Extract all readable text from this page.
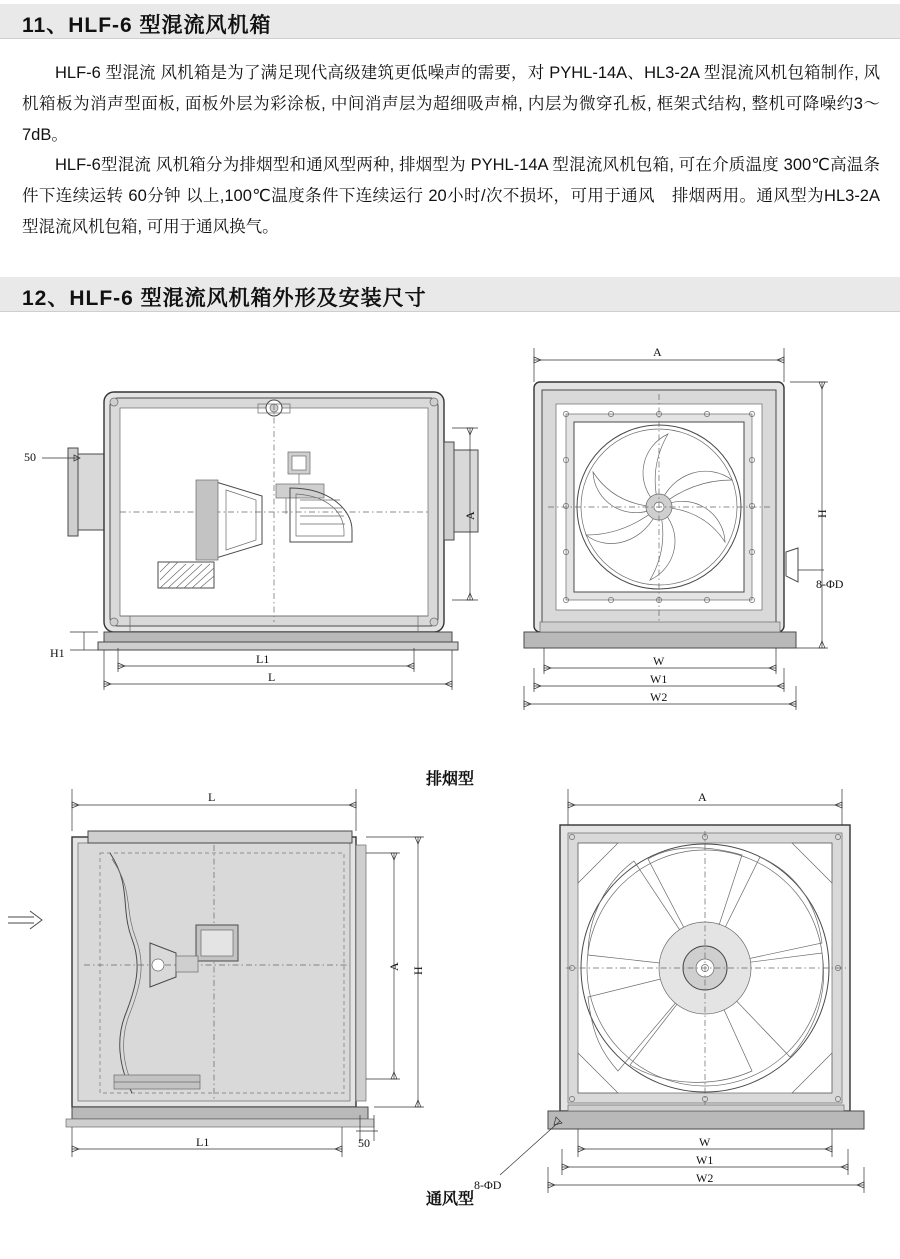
11、HLF-6 型混流风机箱
HLF-6 型混流 风机箱是为了满足现代高级建筑更低噪声的需要，对 PYHL-14A、HL3-2A 型混流风机包箱制作, 风机箱板为消声型面板, 面板外层为彩涂板, 中间消声层为超细吸声棉, 内层为微穿孔板, 框架式结构, 整机可降噪约3～7dB。
HLF-6型混流 风机箱分为排烟型和通风型两种, 排烟型为 PYHL-14A 型混流风机包箱, 可在介质温度 300℃高温条件下连续运转 60分钟 以上,100℃温度条件下连续运行 20小时/次不损坏，可用于通风　排烟两用。通风型为HL3-2A 型混流风机包箱, 可用于通风换气。
12、HLF-6 型混流风机箱外形及安装尺寸
50
H1	L1
L
A
A
H
8-ΦD
W
W1
W2
排烟型
L
H
A
L1	50
A
8-ΦD
W
W1
W2
通风型
